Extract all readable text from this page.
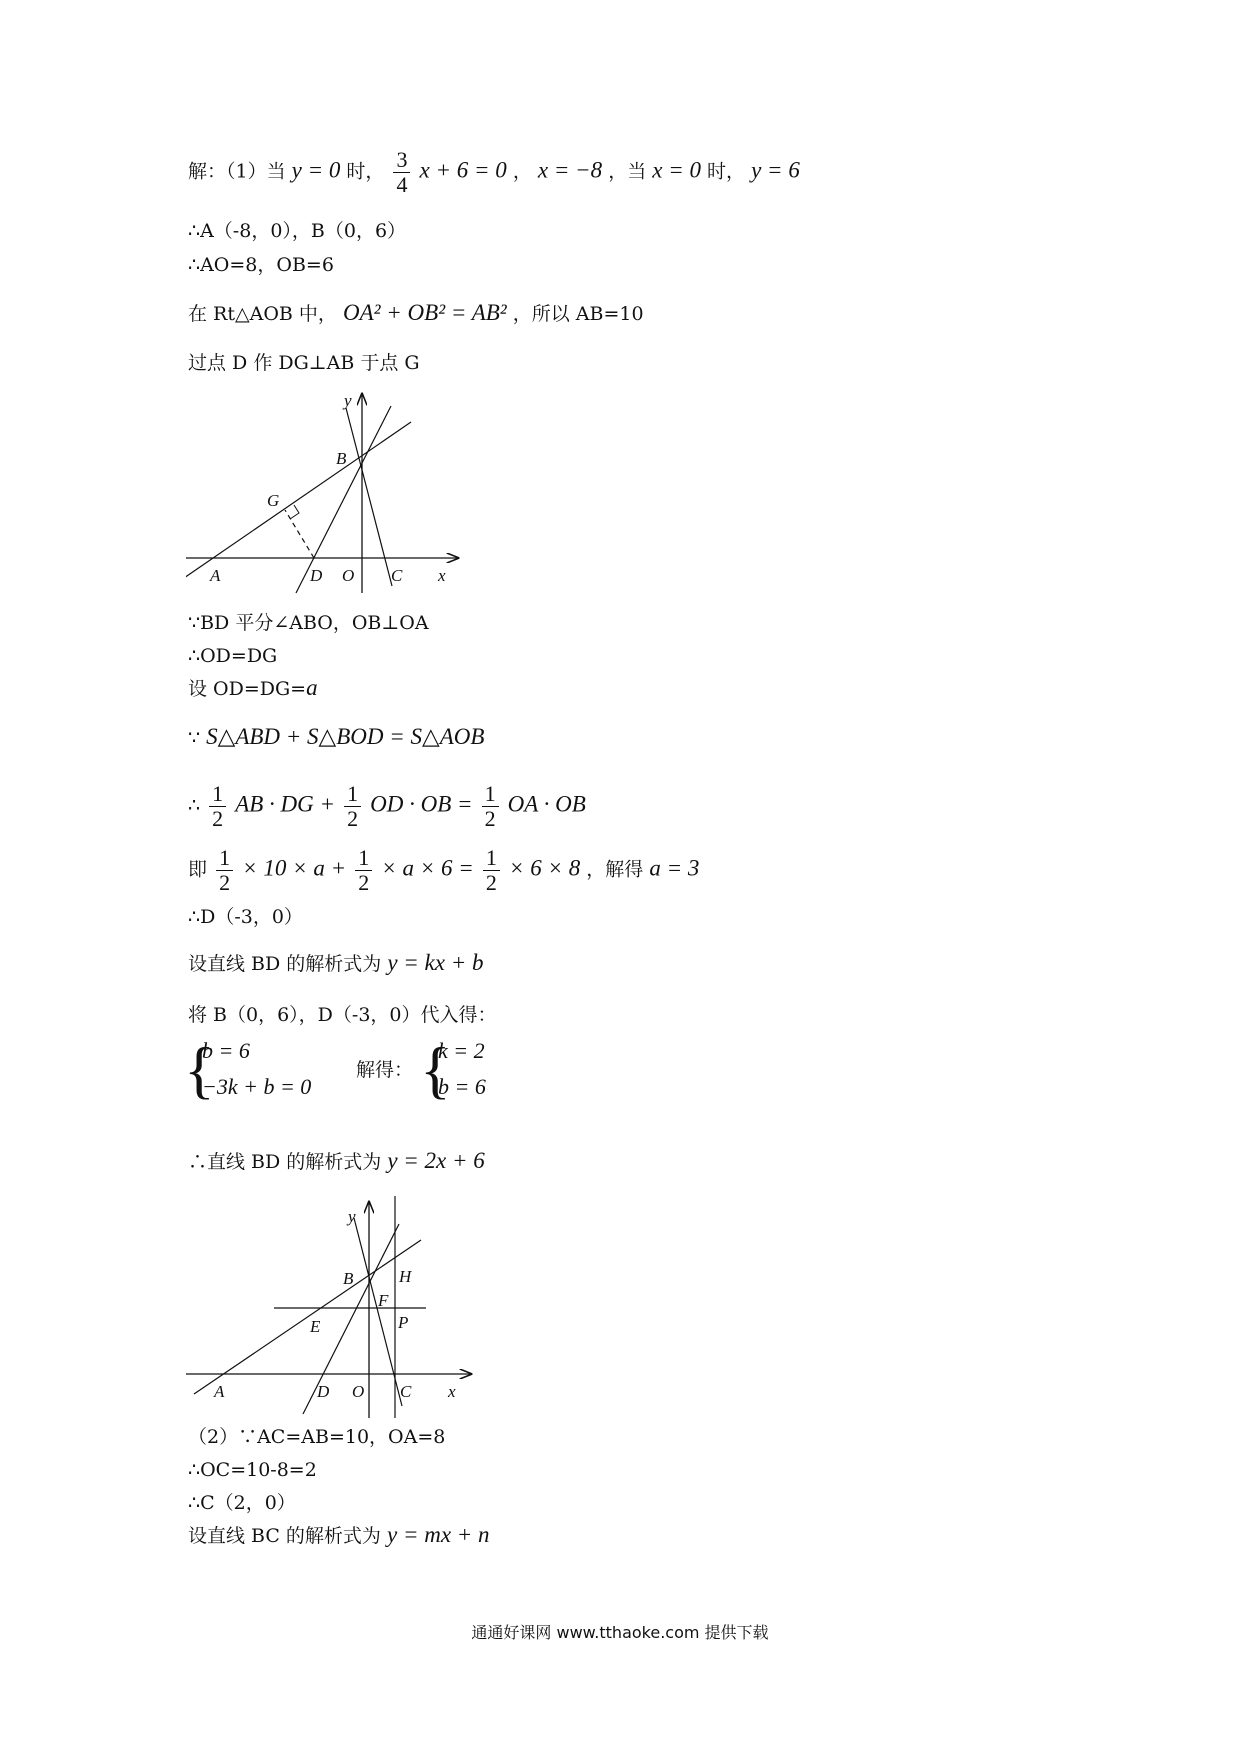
解：（1）当 y = 0 时， $\frac{3}{4}$ x + 6 = 0 ， x = −8 ，当 x = 0 时， y = 6
∴A（-8，0），B（0，6）
∴AO=8，OB=6
在 Rt△AOB 中， OA² + OB² = AB² ，所以 AB=10
过点 D 作 DG⊥AB 于点 G
y
B
G
A	D O C x
∵BD 平分∠ABO，OB⊥OA
∴OD=DG
设 OD=DG=a
∵ S△ABD + S△BOD = S△AOB
∴ $\frac{1}{2}$ AB · DG + $\frac{1}{2}$ OD · OB = $\frac{1}{2}$ OA · OB
即 $\frac{1}{2} \times 10 \times a + \frac{1}{2} \times a \times 6 = \frac{1}{2} \times 6 \times 8$ ，解得 a = 3
∴D（-3，0）
设直线 BD 的解析式为 y = kx + b
将 B（0，6），D（-3，0）代入得：
{
b = 6
−3k + b = 0
解得： {
k = 2
b = 6
∴直线 BD 的解析式为 y = 2x + 6
y
B	H
F
E	P
A	D O C x
（2）∵AC=AB=10，OA=8
∴OC=10-8=2
∴C（2，0）
设直线 BC 的解析式为 y = mx + n
通通好课网 www.tthaoke.com 提供下载
